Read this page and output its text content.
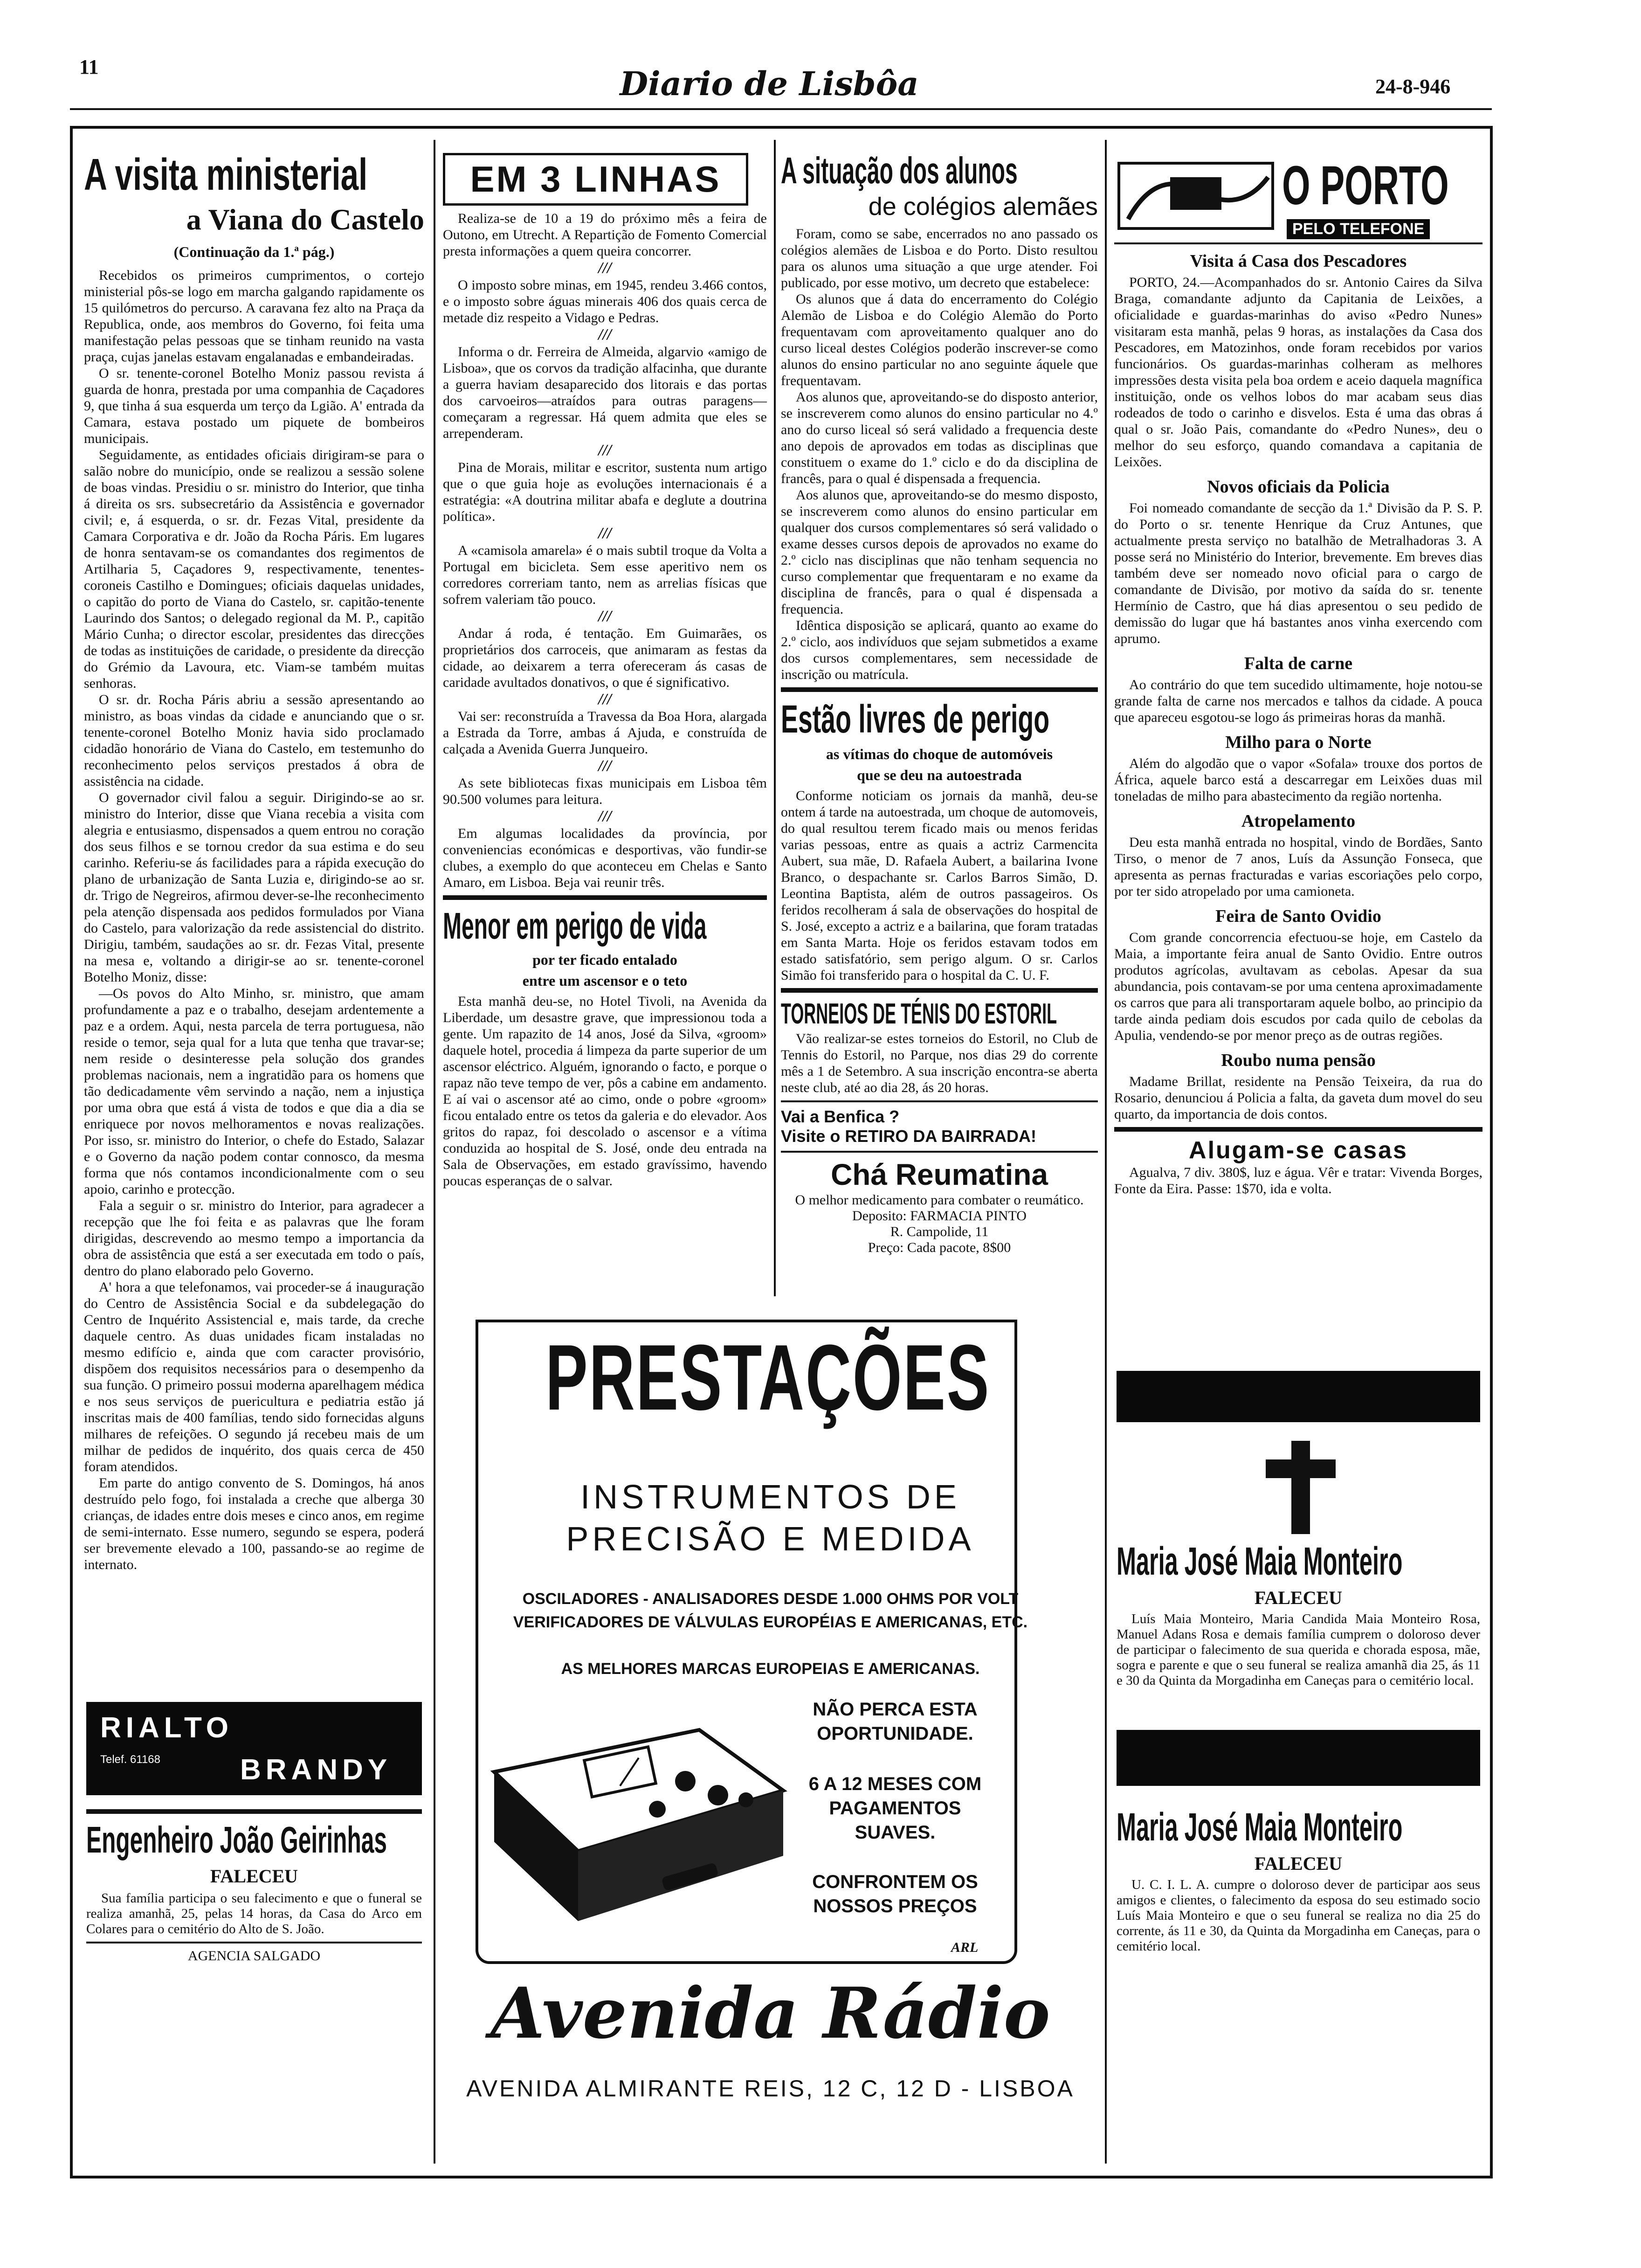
11	Diario de Lisbôa	24-8-946
A visita ministerial
a Viana do Castelo
(Continuação da 1.ª pág.)

Recebidos os primeiros cumprimentos, o cortejo ministerial pôs-se logo em marcha galgando rapidamente os 15 quilómetros do percurso. A caravana fez alto na Praça da Republica, onde, aos membros do Governo, foi feita uma manifestação pelas pessoas que se tinham reunido na vasta praça, cujas janelas estavam engalanadas e embandeiradas.

O sr. tenente-coronel Botelho Moniz passou revista á guarda de honra, prestada por uma companhia de Caçadores 9, que tinha á sua esquerda um terço da Lgião. A' entrada da Camara, estava postado um piquete de bombeiros municipais.

Seguidamente, as entidades oficiais dirigiram-se para o salão nobre do município, onde se realizou a sessão solene de boas vindas. Presidiu o sr. ministro do Interior, que tinha á direita os srs. subsecretário da Assistência e governador civil; e, á esquerda, o sr. dr. Fezas Vital, presidente da Camara Corporativa e dr. João da Rocha Páris. Em lugares de honra sentavam-se os comandantes dos regimentos de Artilharia 5, Caçadores 9, respectivamente, tenentes-coroneis Castilho e Domingues; oficiais daquelas unidades, o capitão do porto de Viana do Castelo, sr. capitão-tenente Laurindo dos Santos; o delegado regional da M. P., capitão Mário Cunha; o director escolar, presidentes das direcções de todas as instituições de caridade, o presidente da direcção do Grémio da Lavoura, etc. Viam-se também muitas senhoras.

O sr. dr. Rocha Páris abriu a sessão apresentando ao ministro, as boas vindas da cidade e anunciando que o sr. tenente-coronel Botelho Moniz havia sido proclamado cidadão honorário de Viana do Castelo, em testemunho do reconhecimento pelos serviços prestados á obra de assistência na cidade.

O governador civil falou a seguir. Dirigindo-se ao sr. ministro do Interior, disse que Viana recebia a visita com alegria e entusiasmo, dispensados a quem entrou no coração dos seus filhos e se tornou credor da sua estima e do seu carinho. Referiu-se ás facilidades para a rápida execução do plano de urbanização de Santa Luzia e, dirigindo-se ao sr. dr. Trigo de Negreiros, afirmou dever-se-lhe reconhecimento pela atenção dispensada aos pedidos formulados por Viana do Castelo, para valorização da rede assistencial do distrito. Dirigiu, também, saudações ao sr. dr. Fezas Vital, presente na mesa e, voltando a dirigir-se ao sr. tenente-coronel Botelho Moniz, disse:

—Os povos do Alto Minho, sr. ministro, que amam profundamente a paz e o trabalho, desejam ardentemente a paz e a ordem. Aqui, nesta parcela de terra portuguesa, não reside o temor, seja qual for a luta que tenha que travar-se; nem reside o desinteresse pela solução dos grandes problemas nacionais, nem a ingratidão para os homens que tão dedicadamente vêm servindo a nação, nem a injustiça por uma obra que está á vista de todos e que dia a dia se enriquece por novos melhoramentos e novas realizações. Por isso, sr. ministro do Interior, o chefe do Estado, Salazar e o Governo da nação podem contar connosco, da mesma forma que nós contamos incondicionalmente com o seu apoio, carinho e protecção.

Fala a seguir o sr. ministro do Interior, para agradecer a recepção que lhe foi feita e as palavras que lhe foram dirigidas, descrevendo ao mesmo tempo a importancia da obra de assistência que está a ser executada em todo o país, dentro do plano elaborado pelo Governo.

A' hora a que telefonamos, vai proceder-se á inauguração do Centro de Assistência Social e da subdelegação do Centro de Inquérito Assistencial e, mais tarde, da creche daquele centro. As duas unidades ficam instaladas no mesmo edifício e, ainda que com caracter provisório, dispõem dos requisitos necessários para o desempenho da sua função. O primeiro possui moderna aparelhagem médica e nos seus serviços de puericultura e pediatria estão já inscritas mais de 400 famílias, tendo sido fornecidas alguns milhares de refeições. O segundo já recebeu mais de um milhar de pedidos de inquérito, dos quais cerca de 450 foram atendidos.

Em parte do antigo convento de S. Domingos, há anos destruído pelo fogo, foi instalada a creche que alberga 30 crianças, de idades entre dois meses e cinco anos, em regime de semi-internato. Esse numero, segundo se espera, poderá ser brevemente elevado a 100, passando-se ao regime de internato.

RIALTO
Telef. 61168	BRANDY
Engenheiro João Geirinhas
FALECEU

Sua família participa o seu falecimento e que o funeral se realiza amanhã, 25, pelas 14 horas, da Casa do Arco em Colares para o cemitério do Alto de S. João.

AGENCIA SALGADO
EM 3 LINHAS

Realiza-se de 10 a 19 do próximo mês a feira de Outono, em Utrecht. A Repartição de Fomento Comercial presta informações a quem queira concorrer.

///

O imposto sobre minas, em 1945, rendeu 3.466 contos, e o imposto sobre águas minerais 406 dos quais cerca de metade diz respeito a Vidago e Pedras.

///

Informa o dr. Ferreira de Almeida, algarvio «amigo de Lisboa», que os corvos da tradição alfacinha, que durante a guerra haviam desaparecido dos litorais e das portas dos carvoeiros—atraídos para outras paragens—começaram a regressar. Há quem admita que eles se arrependeram.

///

Pina de Morais, militar e escritor, sustenta num artigo que o que guia hoje as evoluções internacionais é a estratégia: «A doutrina militar abafa e deglute a doutrina política».

///

A «camisola amarela» é o mais subtil troque da Volta a Portugal em bicicleta. Sem esse aperitivo nem os corredores correriam tanto, nem as arrelias físicas que sofrem valeriam tão pouco.

///

Andar á roda, é tentação. Em Guimarães, os proprietários dos carroceis, que animaram as festas da cidade, ao deixarem a terra ofereceram ás casas de caridade avultados donativos, o que é significativo.

///

Vai ser: reconstruída a Travessa da Boa Hora, alargada a Estrada da Torre, ambas á Ajuda, e construída de calçada a Avenida Guerra Junqueiro.

///

As sete bibliotecas fixas municipais em Lisboa têm 90.500 volumes para leitura.

///

Em algumas localidades da província, por conveniencias económicas e desportivas, vão fundir-se clubes, a exemplo do que aconteceu em Chelas e Santo Amaro, em Lisboa. Beja vai reunir três.

Menor em perigo de vida
por ter ficado entalado
entre um ascensor e o teto

Esta manhã deu-se, no Hotel Tivoli, na Avenida da Liberdade, um desastre grave, que impressionou toda a gente. Um rapazito de 14 anos, José da Silva, «groom» daquele hotel, procedia á limpeza da parte superior de um ascensor eléctrico. Alguém, ignorando o facto, e porque o rapaz não teve tempo de ver, pôs a cabine em andamento. E aí vai o ascensor até ao cimo, onde o pobre «groom» ficou entalado entre os tetos da galeria e do elevador. Aos gritos do rapaz, foi descolado o ascensor e a vítima conduzida ao hospital de S. José, onde deu entrada na Sala de Observações, em estado gravíssimo, havendo poucas esperanças de o salvar.

A situação dos alunos
de colégios alemães

Foram, como se sabe, encerrados no ano passado os colégios alemães de Lisboa e do Porto. Disto resultou para os alunos uma situação a que urge atender. Foi publicado, por esse motivo, um decreto que estabelece:

Os alunos que á data do encerramento do Colégio Alemão de Lisboa e do Colégio Alemão do Porto frequentavam com aproveitamento qualquer ano do curso liceal destes Colégios poderão inscrever-se como alunos do ensino particular no ano seguinte áquele que frequentavam.

Aos alunos que, aproveitando-se do disposto anterior, se inscreverem como alunos do ensino particular no 4.º ano do curso liceal só será validado a frequencia deste ano depois de aprovados em todas as disciplinas que constituem o exame do 1.º ciclo e do da disciplina de francês, para o qual é dispensada a frequencia.

Aos alunos que, aproveitando-se do mesmo disposto, se inscreverem como alunos do ensino particular em qualquer dos cursos complementares só será validado o exame desses cursos depois de aprovados no exame do 2.º ciclo nas disciplinas que não tenham sequencia no curso complementar que frequentaram e no exame da disciplina de francês, para o qual é dispensada a frequencia.

Idêntica disposição se aplicará, quanto ao exame do 2.º ciclo, aos indivíduos que sejam submetidos a exame dos cursos complementares, sem necessidade de inscrição ou matrícula.

Estão livres de perigo
as vítimas do choque de automóveis
que se deu na autoestrada

Conforme noticiam os jornais da manhã, deu-se ontem á tarde na autoestrada, um choque de automoveis, do qual resultou terem ficado mais ou menos feridas varias pessoas, entre as quais a actriz Carmencita Aubert, sua mãe, D. Rafaela Aubert, a bailarina Ivone Branco, o despachante sr. Carlos Barros Simão, D. Leontina Baptista, além de outros passageiros. Os feridos recolheram á sala de observações do hospital de S. José, excepto a actriz e a bailarina, que foram tratadas em Santa Marta. Hoje os feridos estavam todos em estado satisfatório, sem perigo algum. O sr. Carlos Simão foi transferido para o hospital da C. U. F.

TORNEIOS DE TÉNIS DO ESTORIL

Vão realizar-se estes torneios do Estoril, no Club de Tennis do Estoril, no Parque, nos dias 29 do corrente mês a 1 de Setembro. A sua inscrição encontra-se aberta neste club, até ao dia 28, ás 20 horas.

Vai a Benfica ?
Visite o RETIRO DA BAIRRADA!
Chá Reumatina

O melhor medicamento para combater o reumático.

Deposito: FARMACIA PINTO
R. Campolide, 11
Preço: Cada pacote, 8$00
PRESTAÇÕES
INSTRUMENTOS DE
PRECISÃO E MEDIDA
OSCILADORES - ANALISADORES DESDE 1.000 OHMS POR VOLT
VERIFICADORES DE VÁLVULAS EUROPÉIAS E AMERICANAS, ETC.
AS MELHORES MARCAS EUROPEIAS E AMERICANAS.
NÃO PERCA ESTA OPORTUNIDADE.
6 A 12 MESES COM PAGAMENTOS SUAVES.
CONFRONTEM OS NOSSOS PREÇOS
ARL
Avenida Rádio
AVENIDA ALMIRANTE REIS, 12 C, 12 D - LISBOA
O PORTO
PELO TELEFONE
Visita á Casa dos Pescadores

PORTO, 24.—Acompanhados do sr. Antonio Caires da Silva Braga, comandante adjunto da Capitania de Leixões, a oficialidade e guardas-marinhas do aviso «Pedro Nunes» visitaram esta manhã, pelas 9 horas, as instalações da Casa dos Pescadores, em Matozinhos, onde foram recebidos por varios funcionários. Os guardas-marinhas colheram as melhores impressões desta visita pela boa ordem e aceio daquela magnífica instituição, onde os velhos lobos do mar acabam seus dias rodeados de todo o carinho e disvelos. Esta é uma das obras á qual o sr. João Pais, comandante do «Pedro Nunes», deu o melhor do seu esforço, quando comandava a capitania de Leixões.

Novos oficiais da Policia

Foi nomeado comandante de secção da 1.ª Divisão da P. S. P. do Porto o sr. tenente Henrique da Cruz Antunes, que actualmente presta serviço no batalhão de Metralhadoras 3. A posse será no Ministério do Interior, brevemente. Em breves dias também deve ser nomeado novo oficial para o cargo de comandante de Divisão, por motivo da saída do sr. tenente Hermínio de Castro, que há dias apresentou o seu pedido de demissão do lugar que há bastantes anos vinha exercendo com aprumo.

Falta de carne

Ao contrário do que tem sucedido ultimamente, hoje notou-se grande falta de carne nos mercados e talhos da cidade. A pouca que apareceu esgotou-se logo ás primeiras horas da manhã.

Milho para o Norte

Além do algodão que o vapor «Sofala» trouxe dos portos de África, aquele barco está a descarregar em Leixões duas mil toneladas de milho para abastecimento da região nortenha.

Atropelamento

Deu esta manhã entrada no hospital, vindo de Bordães, Santo Tirso, o menor de 7 anos, Luís da Assunção Fonseca, que apresenta as pernas fracturadas e varias escoriações pelo corpo, por ter sido atropelado por uma camioneta.

Feira de Santo Ovidio

Com grande concorrencia efectuou-se hoje, em Castelo da Maia, a importante feira anual de Santo Ovidio. Entre outros produtos agrícolas, avultavam as cebolas. Apesar da sua abundancia, pois contavam-se por uma centena aproximadamente os carros que para ali transportaram aquele bolbo, ao principio da tarde ainda pediam dois escudos por cada quilo de cebolas da Apulia, vendendo-se por menor preço as de outras regiões.

Roubo numa pensão

Madame Brillat, residente na Pensão Teixeira, da rua do Rosario, denunciou á Policia a falta, da gaveta dum movel do seu quarto, da importancia de dois contos.

Alugam-se casas

Agualva, 7 div. 380$, luz e água. Vêr e tratar: Vivenda Borges, Fonte da Eira. Passe: 1$70, ida e volta.

Maria José Maia Monteiro
FALECEU

Luís Maia Monteiro, Maria Candida Maia Monteiro Rosa, Manuel Adans Rosa e demais família cumprem o doloroso dever de participar o falecimento de sua querida e chorada esposa, mãe, sogra e parente e que o seu funeral se realiza amanhã dia 25, ás 11 e 30 da Quinta da Morgadinha em Caneças para o cemitério local.

Maria José Maia Monteiro
FALECEU

U. C. I. L. A. cumpre o doloroso dever de participar aos seus amigos e clientes, o falecimento da esposa do seu estimado socio Luís Maia Monteiro e que o seu funeral se realiza no dia 25 do corrente, ás 11 e 30, da Quinta da Morgadinha em Caneças, para o cemitério local.
